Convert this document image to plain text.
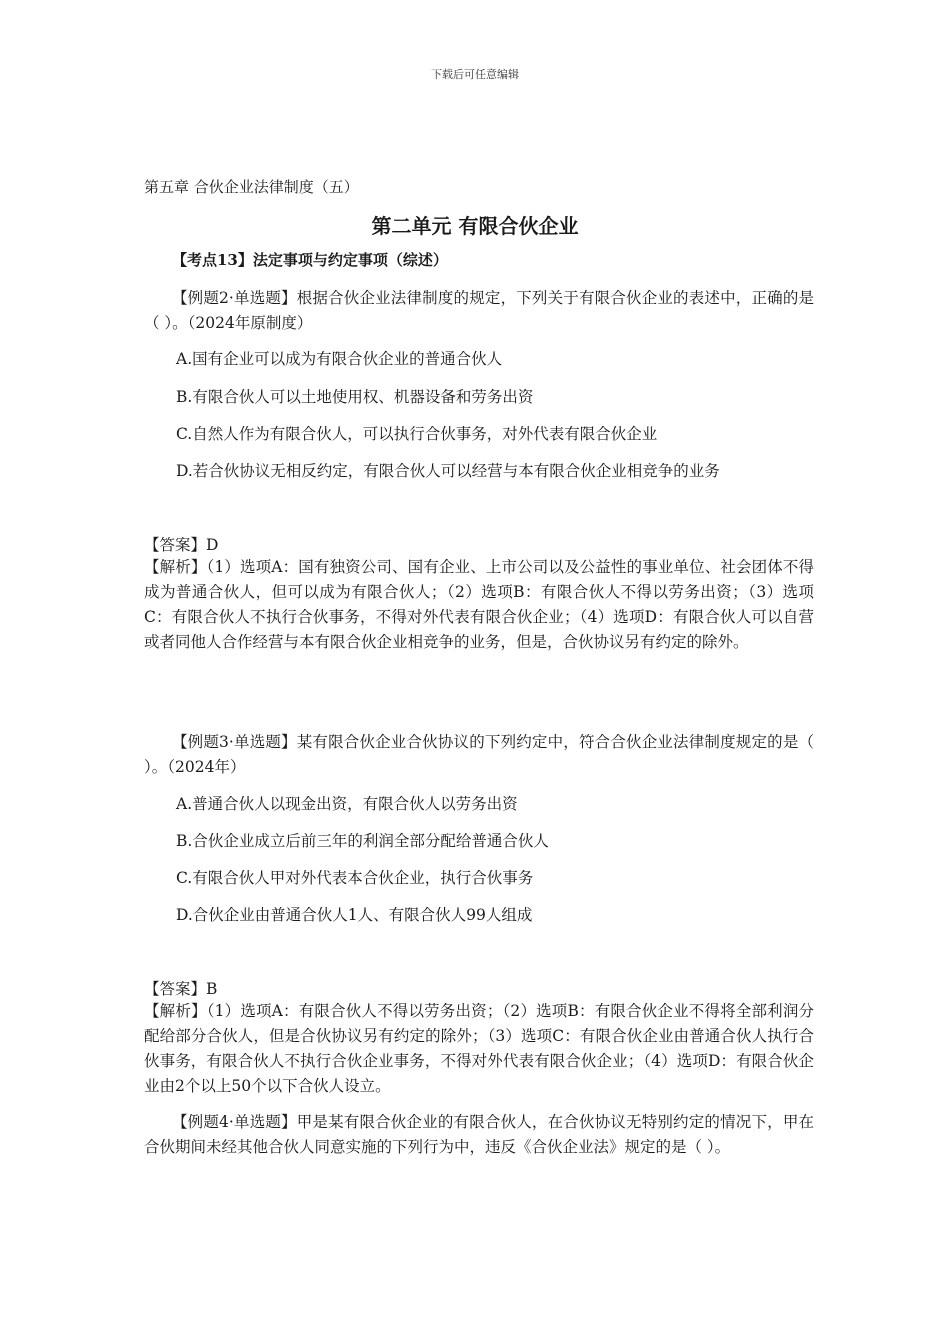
下载后可任意编辑
第五章 合伙企业法律制度（五）
第二单元 有限合伙企业
【考点13】法定事项与约定事项（综述）
【例题2·单选题】根据合伙企业法律制度的规定，下列关于有限合伙企业的表述中，正确的是（ ）。（2024年原制度）
A.国有企业可以成为有限合伙企业的普通合伙人
B.有限合伙人可以土地使用权、机器设备和劳务出资
C.自然人作为有限合伙人，可以执行合伙事务，对外代表有限合伙企业
D.若合伙协议无相反约定，有限合伙人可以经营与本有限合伙企业相竞争的业务
【答案】D
【解析】（1）选项A：国有独资公司、国有企业、上市公司以及公益性的事业单位、社会团体不得成为普通合伙人，但可以成为有限合伙人；（2）选项B：有限合伙人不得以劳务出资；（3）选项C：有限合伙人不执行合伙事务，不得对外代表有限合伙企业；（4）选项D：有限合伙人可以自营或者同他人合作经营与本有限合伙企业相竞争的业务，但是，合伙协议另有约定的除外。
【例题3·单选题】某有限合伙企业合伙协议的下列约定中，符合合伙企业法律制度规定的是（ ）。（2024年）
A.普通合伙人以现金出资，有限合伙人以劳务出资
B.合伙企业成立后前三年的利润全部分配给普通合伙人
C.有限合伙人甲对外代表本合伙企业，执行合伙事务
D.合伙企业由普通合伙人1人、有限合伙人99人组成
【答案】B
【解析】（1）选项A：有限合伙人不得以劳务出资；（2）选项B：有限合伙企业不得将全部利润分配给部分合伙人，但是合伙协议另有约定的除外；（3）选项C：有限合伙企业由普通合伙人执行合伙事务，有限合伙人不执行合伙企业事务，不得对外代表有限合伙企业；（4）选项D：有限合伙企业由2个以上50个以下合伙人设立。
【例题4·单选题】甲是某有限合伙企业的有限合伙人，在合伙协议无特别约定的情况下，甲在合伙期间未经其他合伙人同意实施的下列行为中，违反《合伙企业法》规定的是（ ）。
